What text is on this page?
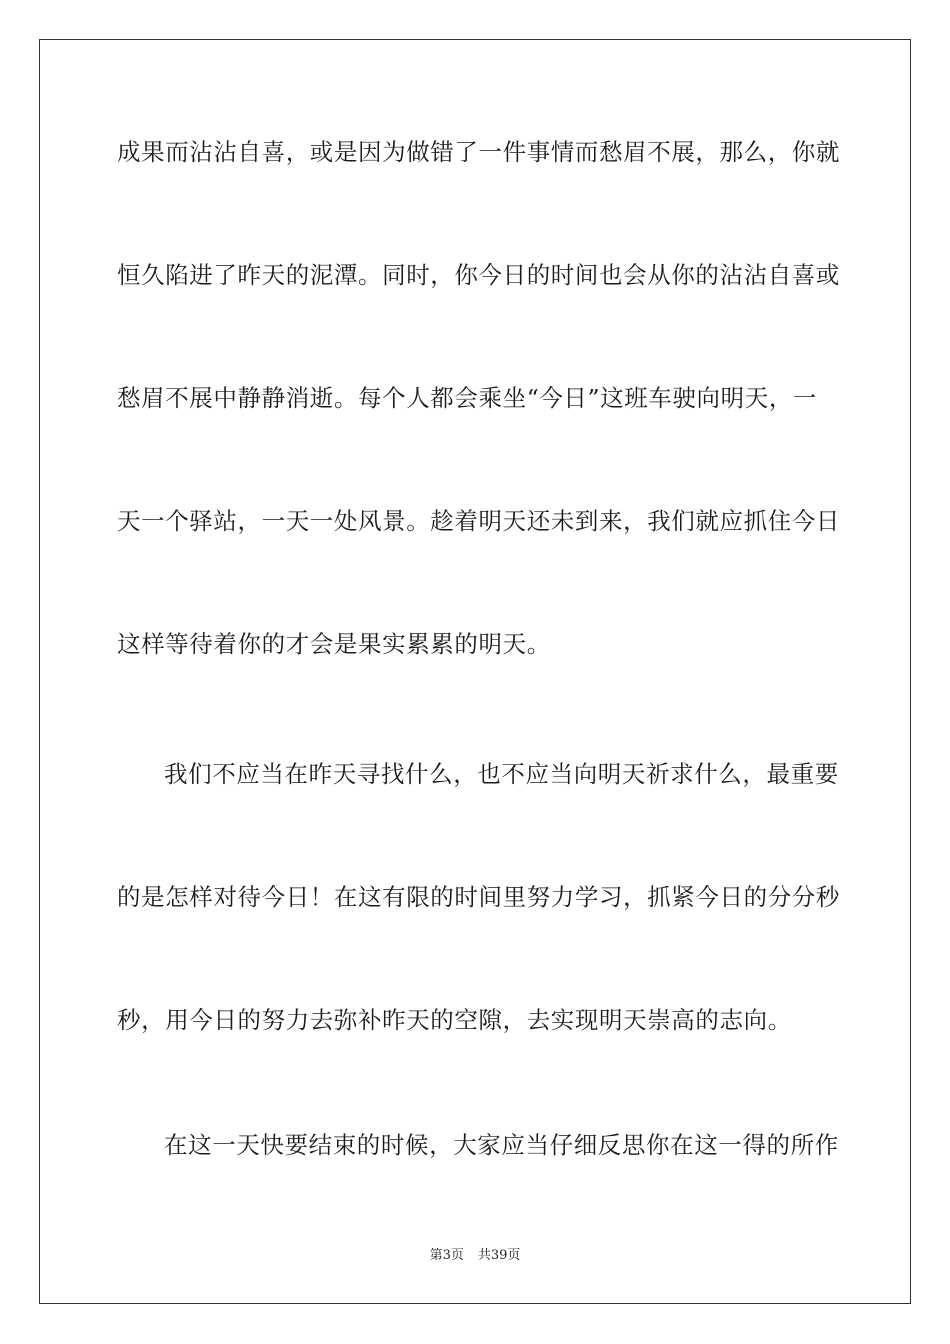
成果而沾沾自喜，或是因为做错了一件事情而愁眉不展，那么，你就
恒久陷进了昨天的泥潭。同时，你今日的时间也会从你的沾沾自喜或
愁眉不展中静静消逝。每个人都会乘坐“今日”这班车驶向明天，一
天一个驿站，一天一处风景。趁着明天还未到来，我们就应抓住今日
这样等待着你的才会是果实累累的明天。
我们不应当在昨天寻找什么，也不应当向明天祈求什么，最重要
的是怎样对待今日！在这有限的时间里努力学习，抓紧今日的分分秒
秒，用今日的努力去弥补昨天的空隙，去实现明天崇高的志向。
在这一天快要结束的时候，大家应当仔细反思你在这一得的所作
第3页 共39页
